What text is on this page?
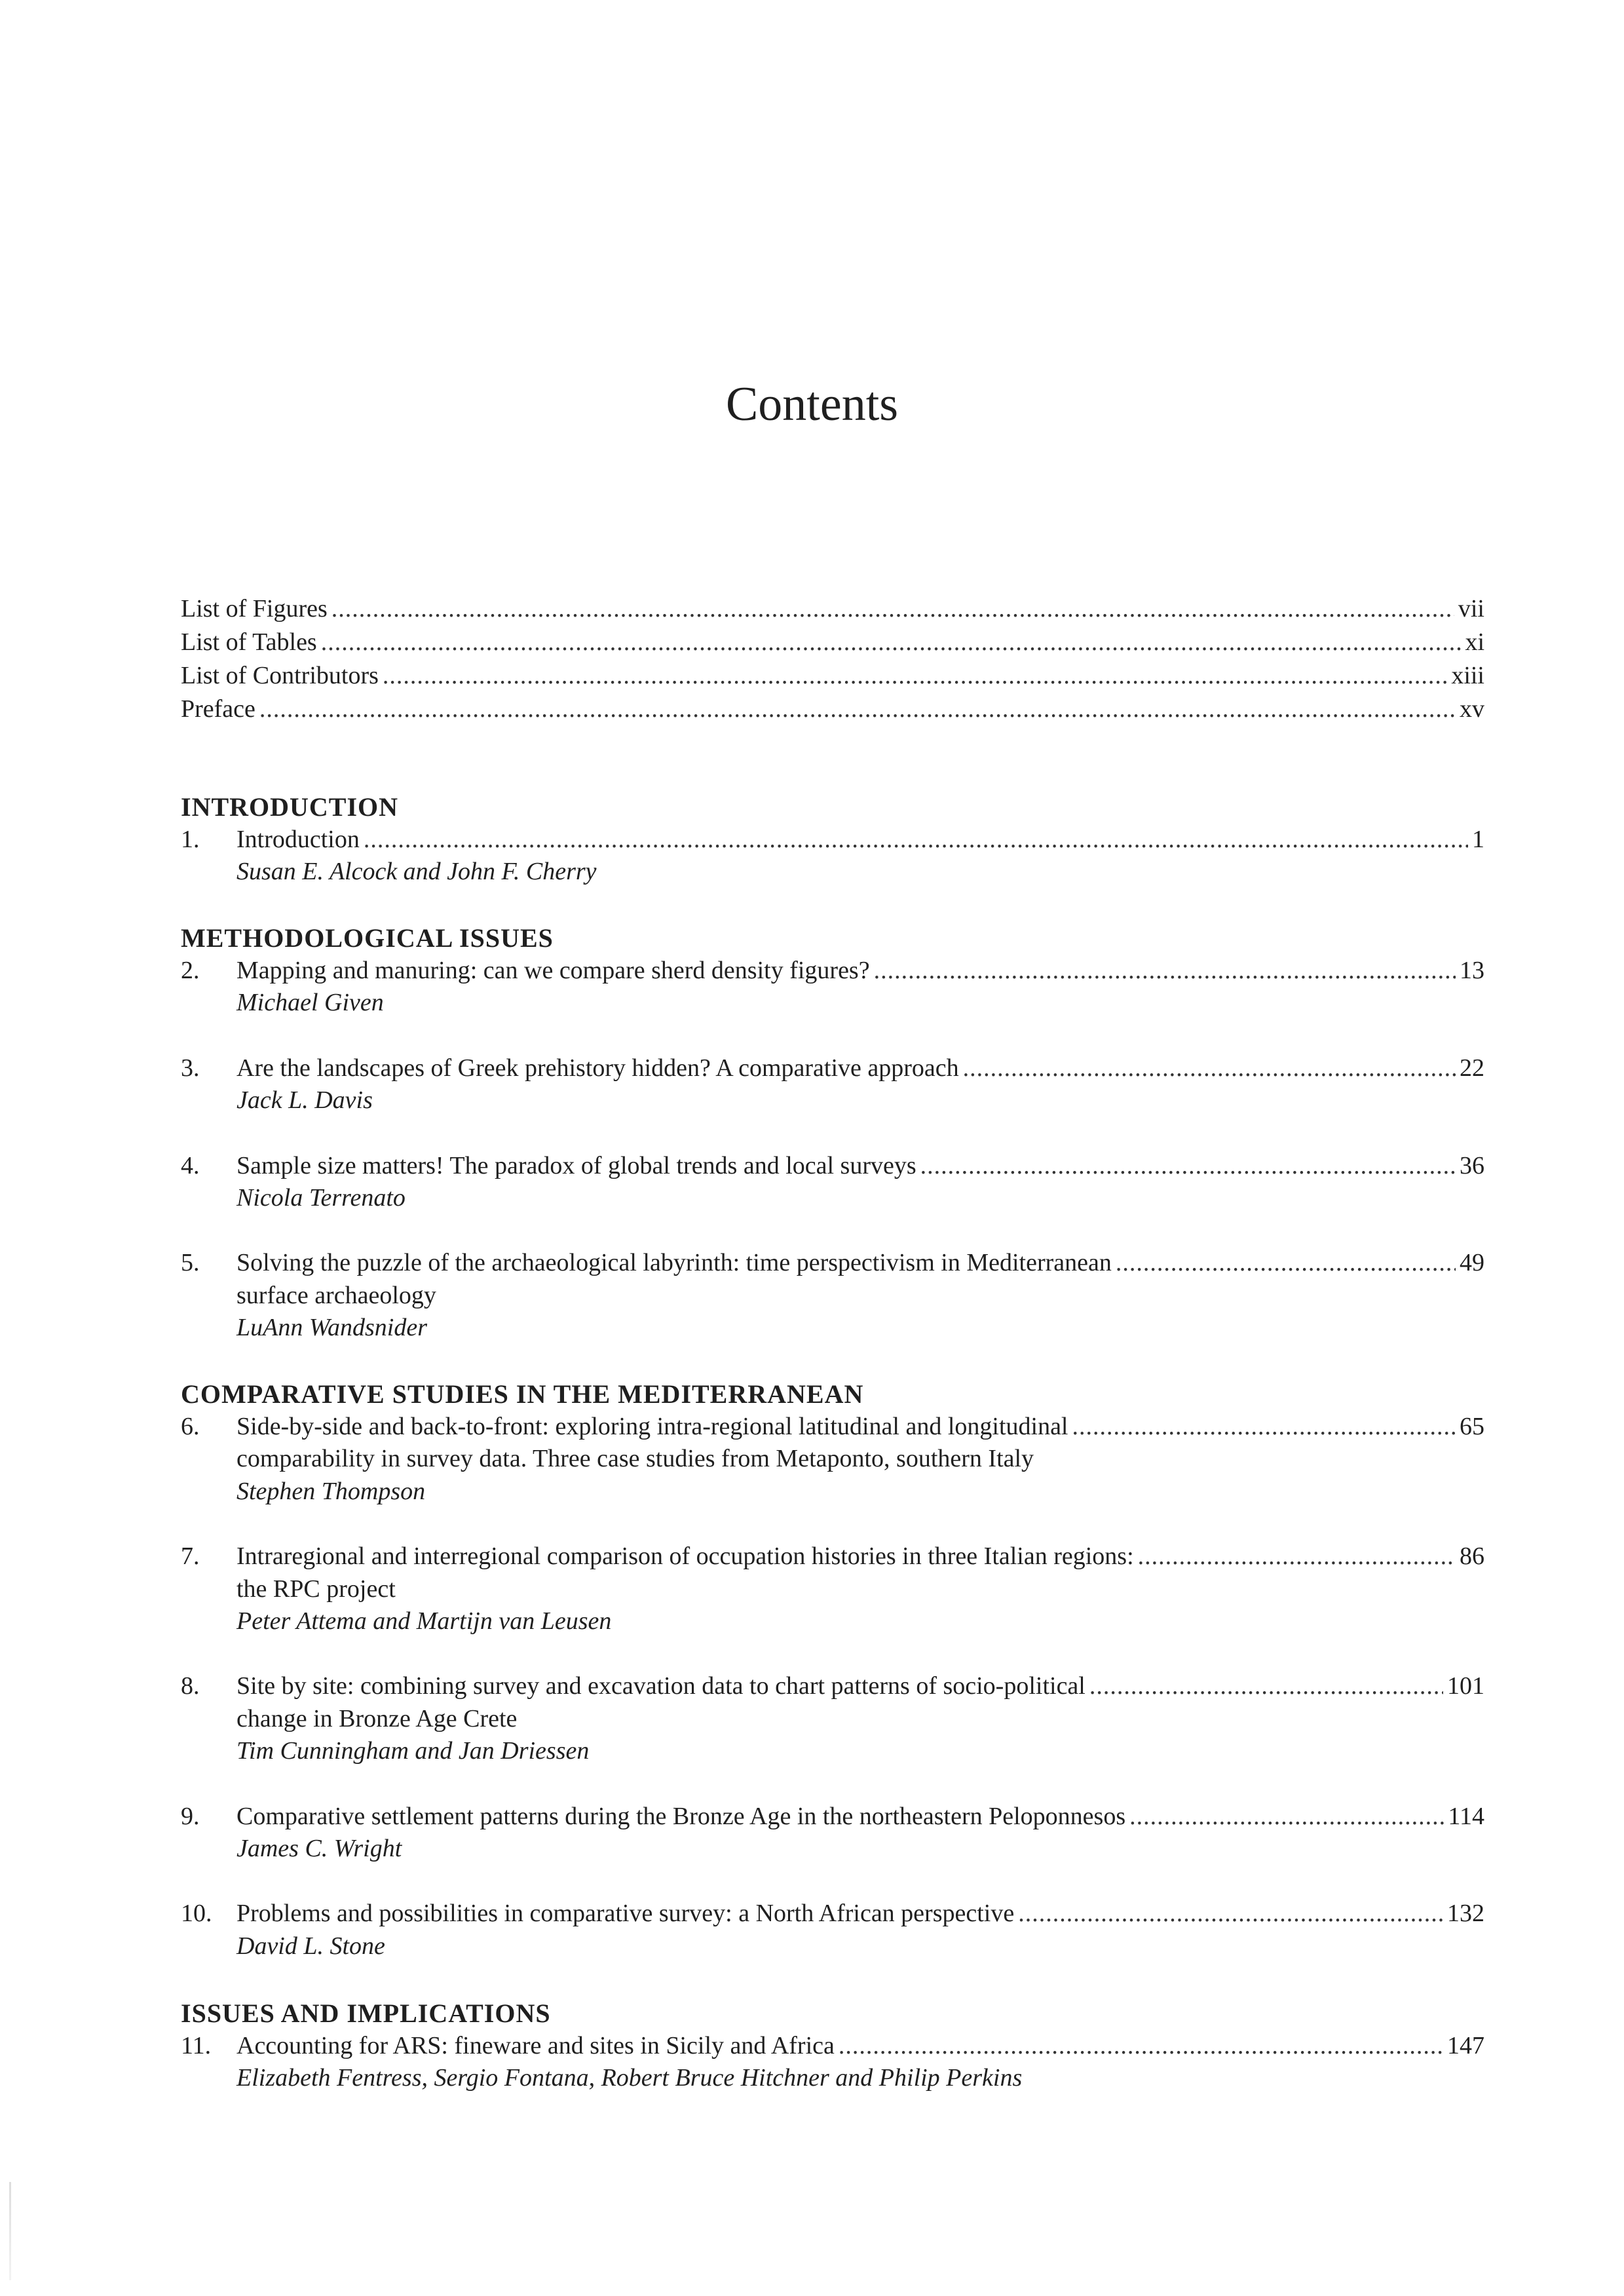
Contents
List of Figures .....	vii
List of Tables .....	xi
List of Contributors .....	xiii
Preface .....	xv
INTRODUCTION
1. Introduction .....	1
Susan E. Alcock and John F. Cherry
METHODOLOGICAL ISSUES
2. Mapping and manuring: can we compare sherd density figures? .....	13
Michael Given
3. Are the landscapes of Greek prehistory hidden? A comparative approach .....	22
Jack L. Davis
4. Sample size matters! The paradox of global trends and local surveys .....	36
Nicola Terrenato
5. Solving the puzzle of the archaeological labyrinth: time perspectivism in Mediterranean .....	49
surface archaeology
LuAnn Wandsnider
COMPARATIVE STUDIES IN THE MEDITERRANEAN
6. Side-by-side and back-to-front: exploring intra-regional latitudinal and longitudinal .....	65
comparability in survey data. Three case studies from Metaponto, southern Italy
Stephen Thompson
7. Intraregional and interregional comparison of occupation histories in three Italian regions: .....	86
the RPC project
Peter Attema and Martijn van Leusen
8. Site by site: combining survey and excavation data to chart patterns of socio-political .....	101
change in Bronze Age Crete
Tim Cunningham and Jan Driessen
9. Comparative settlement patterns during the Bronze Age in the northeastern Peloponnesos .....	114
James C. Wright
10. Problems and possibilities in comparative survey: a North African perspective .....	132
David L. Stone
ISSUES AND IMPLICATIONS
11. Accounting for ARS: fineware and sites in Sicily and Africa .....	147
Elizabeth Fentress, Sergio Fontana, Robert Bruce Hitchner and Philip Perkins
